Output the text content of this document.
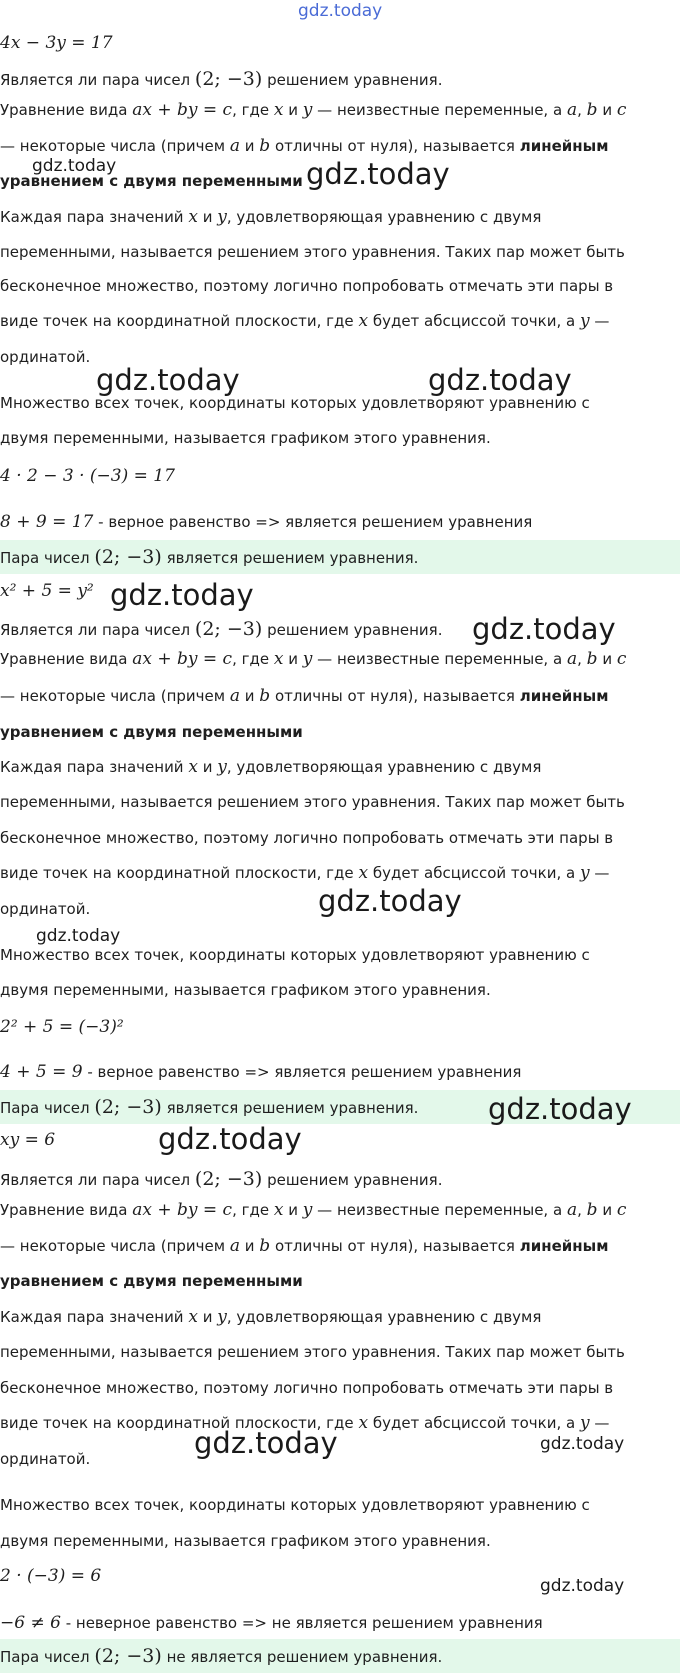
gdz.today
4x − 3y = 17
Является ли пара чисел (2; −3) решением уравнения.
Уравнение вида ax + by = c, где x и y — неизвестные переменные, а a, b и c
— некоторые числа (причем a и b отличны от нуля), называется линейным
уравнением с двумя переменными
Каждая пара значений x и y, удовлетворяющая уравнению с двумя
переменными, называется решением этого уравнения. Таких пар может быть
бесконечное множество, поэтому логично попробовать отмечать эти пары в
виде точек на координатной плоскости, где x будет абсциссой точки, а y —
ординатой.
Множество всех точек, координаты которых удовлетворяют уравнению с
двумя переменными, называется графиком этого уравнения.
4 · 2 − 3 · (−3) = 17
8 + 9 = 17 - верное равенство => является решением уравнения
Пара чисел (2; −3) является решением уравнения.
x² + 5 = y²
Является ли пара чисел (2; −3) решением уравнения.
Уравнение вида ax + by = c, где x и y — неизвестные переменные, а a, b и c
— некоторые числа (причем a и b отличны от нуля), называется линейным
уравнением с двумя переменными
Каждая пара значений x и y, удовлетворяющая уравнению с двумя
переменными, называется решением этого уравнения. Таких пар может быть
бесконечное множество, поэтому логично попробовать отмечать эти пары в
виде точек на координатной плоскости, где x будет абсциссой точки, а y —
ординатой.
Множество всех точек, координаты которых удовлетворяют уравнению с
двумя переменными, называется графиком этого уравнения.
2² + 5 = (−3)²
4 + 5 = 9 - верное равенство => является решением уравнения
Пара чисел (2; −3) является решением уравнения.
xy = 6
Является ли пара чисел (2; −3) решением уравнения.
Уравнение вида ax + by = c, где x и y — неизвестные переменные, а a, b и c
— некоторые числа (причем a и b отличны от нуля), называется линейным
уравнением с двумя переменными
Каждая пара значений x и y, удовлетворяющая уравнению с двумя
переменными, называется решением этого уравнения. Таких пар может быть
бесконечное множество, поэтому логично попробовать отмечать эти пары в
виде точек на координатной плоскости, где x будет абсциссой точки, а y —
ординатой.
Множество всех точек, координаты которых удовлетворяют уравнению с
двумя переменными, называется графиком этого уравнения.
2 · (−3) = 6
−6 ≠ 6 - неверное равенство => не является решением уравнения
Пара чисел (2; −3) не является решением уравнения.
gdz.today	gdz.today
gdz.today	gdz.today
gdz.today
gdz.today
gdz.today
gdz.today
gdz.today
gdz.today
gdz.today	gdz.today
gdz.today
